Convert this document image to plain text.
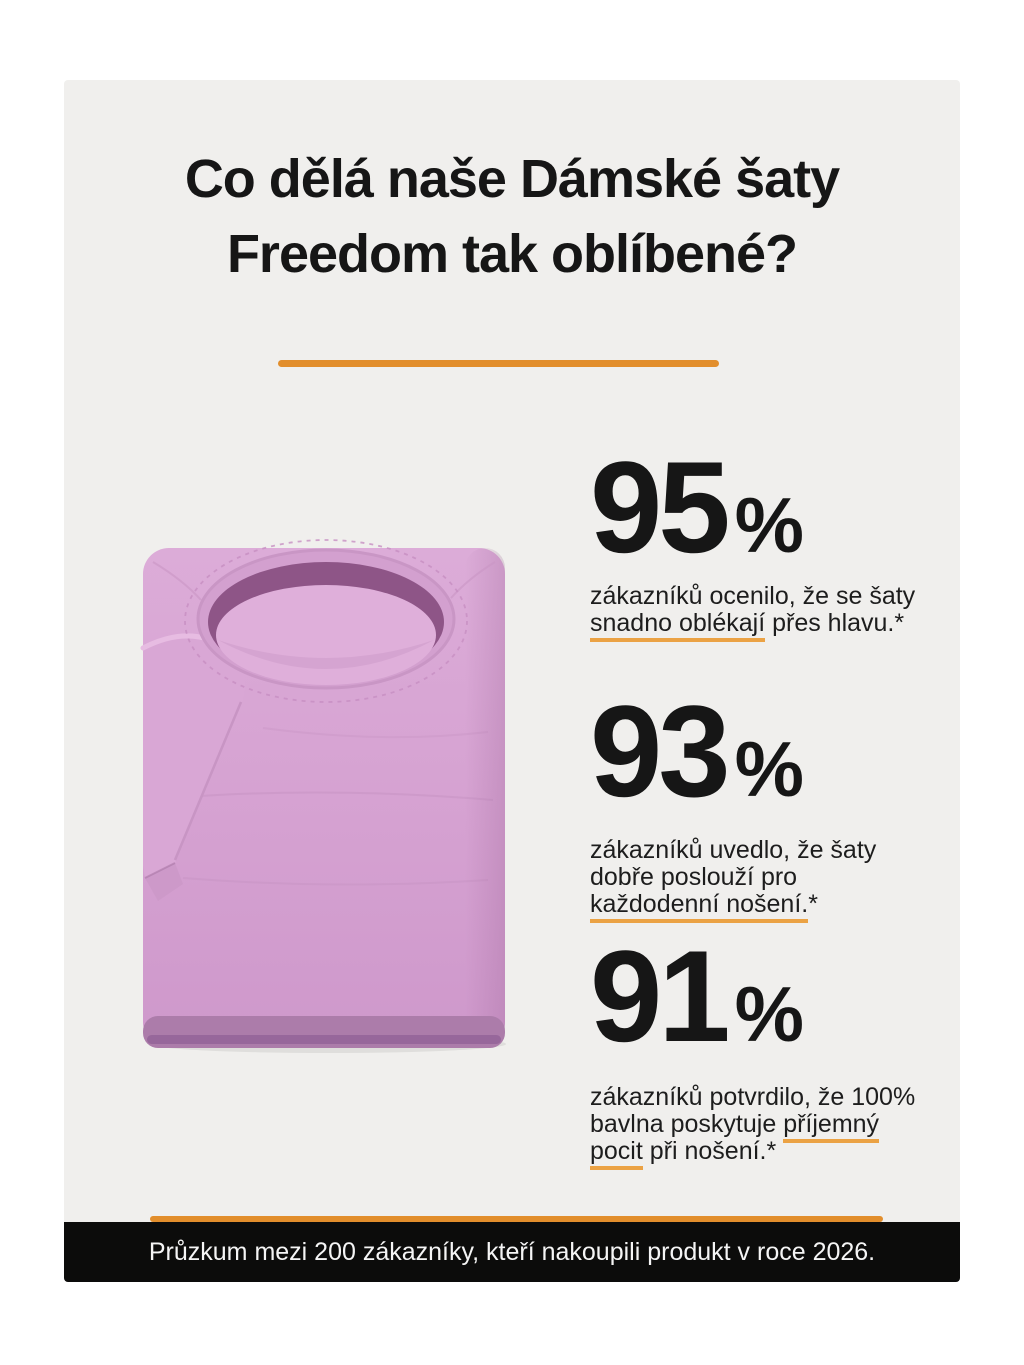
Co dělá naše Dámské šaty
Freedom tak oblíbené?
95 %

zákazníků ocenilo, že se šaty
snadno oblékají přes hlavu.*

93 %

zákazníků uvedlo, že šaty
dobře poslouží pro
každodenní nošení.*

91 %

zákazníků potvrdilo, že 100%
bavlna poskytuje příjemný
pocit při nošení.*

Průzkum mezi 200 zákazníky, kteří nakoupili produkt v roce 2026.
